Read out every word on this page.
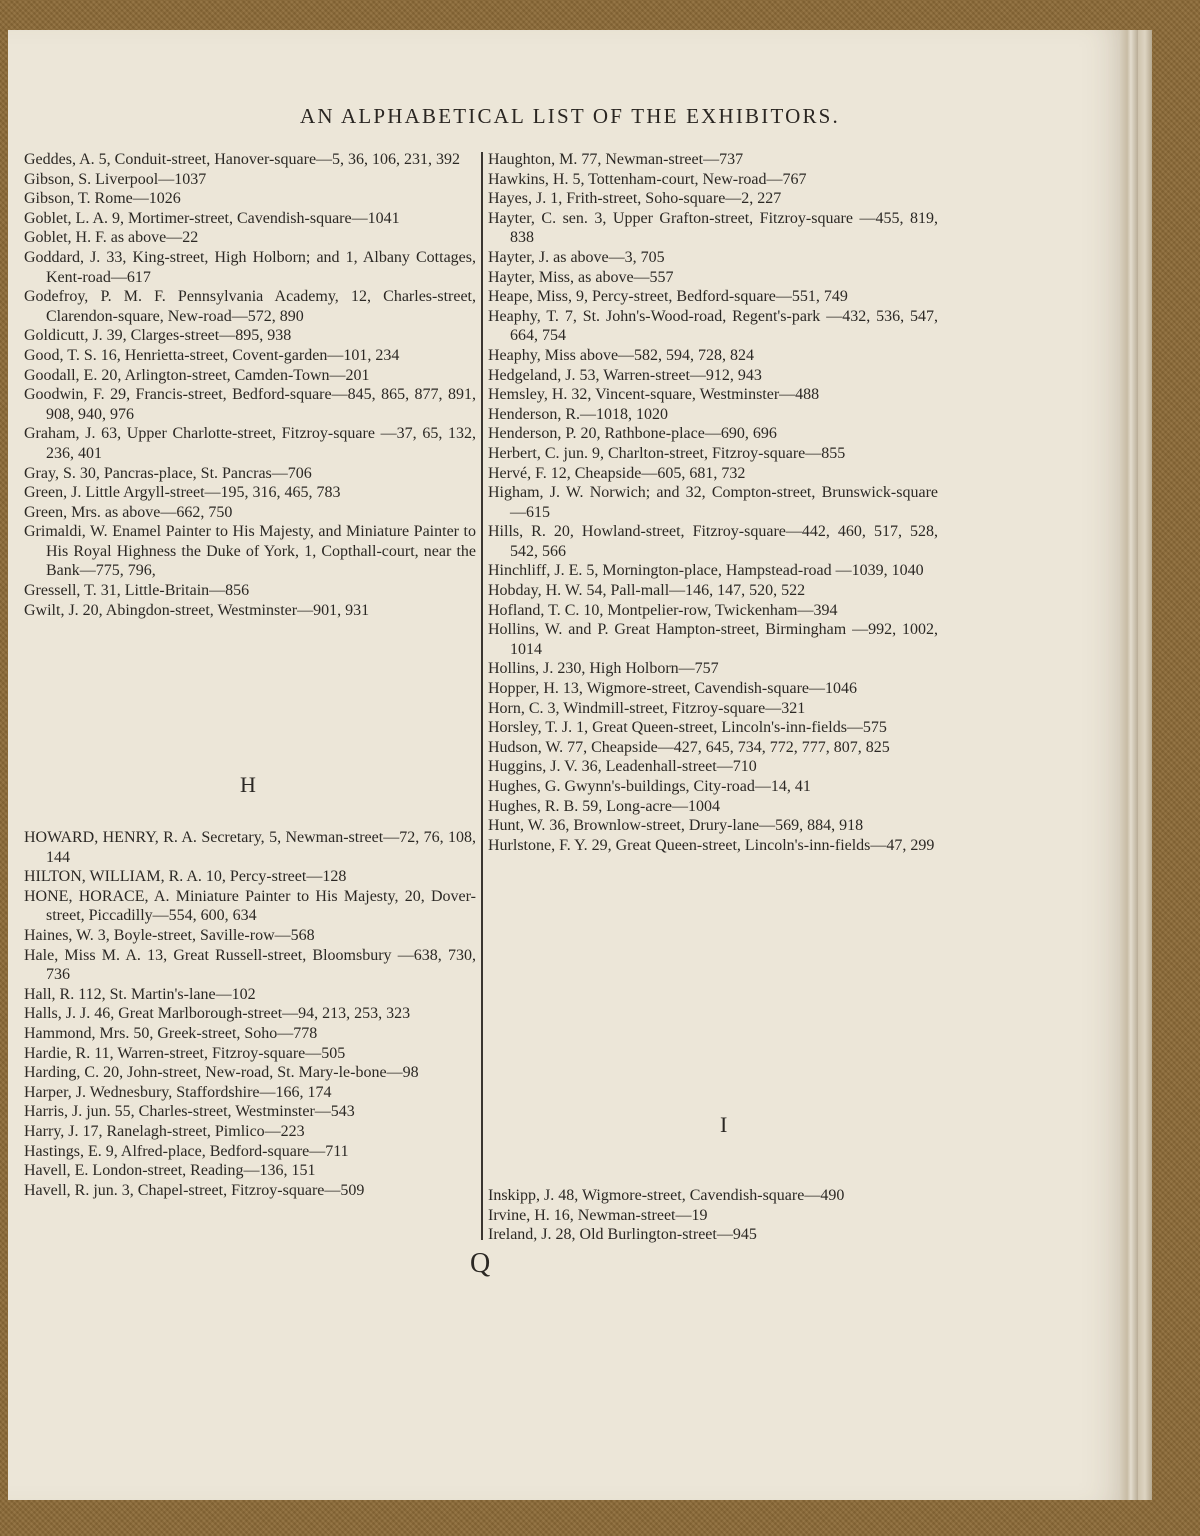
AN ALPHABETICAL LIST OF THE EXHIBITORS.
Geddes, A. 5, Conduit-street, Hanover-square—5, 36, 106, 231, 392
Gibson, S. Liverpool—1037
Gibson, T. Rome—1026
Goblet, L. A. 9, Mortimer-street, Cavendish-square—1041
Goblet, H. F. as above—22
Goddard, J. 33, King-street, High Holborn; and 1, Albany Cottages, Kent-road—617
Godefroy, P. M. F. Pennsylvania Academy, 12, Charles-street, Clarendon-square, New-road—572, 890
Goldicutt, J. 39, Clarges-street—895, 938
Good, T. S. 16, Henrietta-street, Covent-garden—101, 234
Goodall, E. 20, Arlington-street, Camden-Town—201
Goodwin, F. 29, Francis-street, Bedford-square—845, 865, 877, 891, 908, 940, 976
Graham, J. 63, Upper Charlotte-street, Fitzroy-square —37, 65, 132, 236, 401
Gray, S. 30, Pancras-place, St. Pancras—706
Green, J. Little Argyll-street—195, 316, 465, 783
Green, Mrs. as above—662, 750
Grimaldi, W. Enamel Painter to His Majesty, and Miniature Painter to His Royal Highness the Duke of York, 1, Copthall-court, near the Bank—775, 796,
Gressell, T. 31, Little-Britain—856
Gwilt, J. 20, Abingdon-street, Westminster—901, 931
H
HOWARD, HENRY, R. A. Secretary, 5, Newman-street—72, 76, 108, 144
HILTON, WILLIAM, R. A. 10, Percy-street—128
HONE, HORACE, A. Miniature Painter to His Majesty, 20, Dover-street, Piccadilly—554, 600, 634
Haines, W. 3, Boyle-street, Saville-row—568
Hale, Miss M. A. 13, Great Russell-street, Bloomsbury —638, 730, 736
Hall, R. 112, St. Martin's-lane—102
Halls, J. J. 46, Great Marlborough-street—94, 213, 253, 323
Hammond, Mrs. 50, Greek-street, Soho—778
Hardie, R. 11, Warren-street, Fitzroy-square—505
Harding, C. 20, John-street, New-road, St. Mary-le-bone—98
Harper, J. Wednesbury, Staffordshire—166, 174
Harris, J. jun. 55, Charles-street, Westminster—543
Harry, J. 17, Ranelagh-street, Pimlico—223
Hastings, E. 9, Alfred-place, Bedford-square—711
Havell, E. London-street, Reading—136, 151
Havell, R. jun. 3, Chapel-street, Fitzroy-square—509
Haughton, M. 77, Newman-street—737
Hawkins, H. 5, Tottenham-court, New-road—767
Hayes, J. 1, Frith-street, Soho-square—2, 227
Hayter, C. sen. 3, Upper Grafton-street, Fitzroy-square —455, 819, 838
Hayter, J. as above—3, 705
Hayter, Miss, as above—557
Heape, Miss, 9, Percy-street, Bedford-square—551, 749
Heaphy, T. 7, St. John's-Wood-road, Regent's-park —432, 536, 547, 664, 754
Heaphy, Miss above—582, 594, 728, 824
Hedgeland, J. 53, Warren-street—912, 943
Hemsley, H. 32, Vincent-square, Westminster—488
Henderson, R.—1018, 1020
Henderson, P. 20, Rathbone-place—690, 696
Herbert, C. jun. 9, Charlton-street, Fitzroy-square—855
Hervé, F. 12, Cheapside—605, 681, 732
Higham, J. W. Norwich; and 32, Compton-street, Brunswick-square—615
Hills, R. 20, Howland-street, Fitzroy-square—442, 460, 517, 528, 542, 566
Hinchliff, J. E. 5, Mornington-place, Hampstead-road —1039, 1040
Hobday, H. W. 54, Pall-mall—146, 147, 520, 522
Hofland, T. C. 10, Montpelier-row, Twickenham—394
Hollins, W. and P. Great Hampton-street, Birmingham —992, 1002, 1014
Hollins, J. 230, High Holborn—757
Hopper, H. 13, Wigmore-street, Cavendish-square—1046
Horn, C. 3, Windmill-street, Fitzroy-square—321
Horsley, T. J. 1, Great Queen-street, Lincoln's-inn-fields—575
Hudson, W. 77, Cheapside—427, 645, 734, 772, 777, 807, 825
Huggins, J. V. 36, Leadenhall-street—710
Hughes, G. Gwynn's-buildings, City-road—14, 41
Hughes, R. B. 59, Long-acre—1004
Hunt, W. 36, Brownlow-street, Drury-lane—569, 884, 918
Hurlstone, F. Y. 29, Great Queen-street, Lincoln's-inn-fields—47, 299
I
Inskipp, J. 48, Wigmore-street, Cavendish-square—490
Irvine, H. 16, Newman-street—19
Ireland, J. 28, Old Burlington-street—945
Q
